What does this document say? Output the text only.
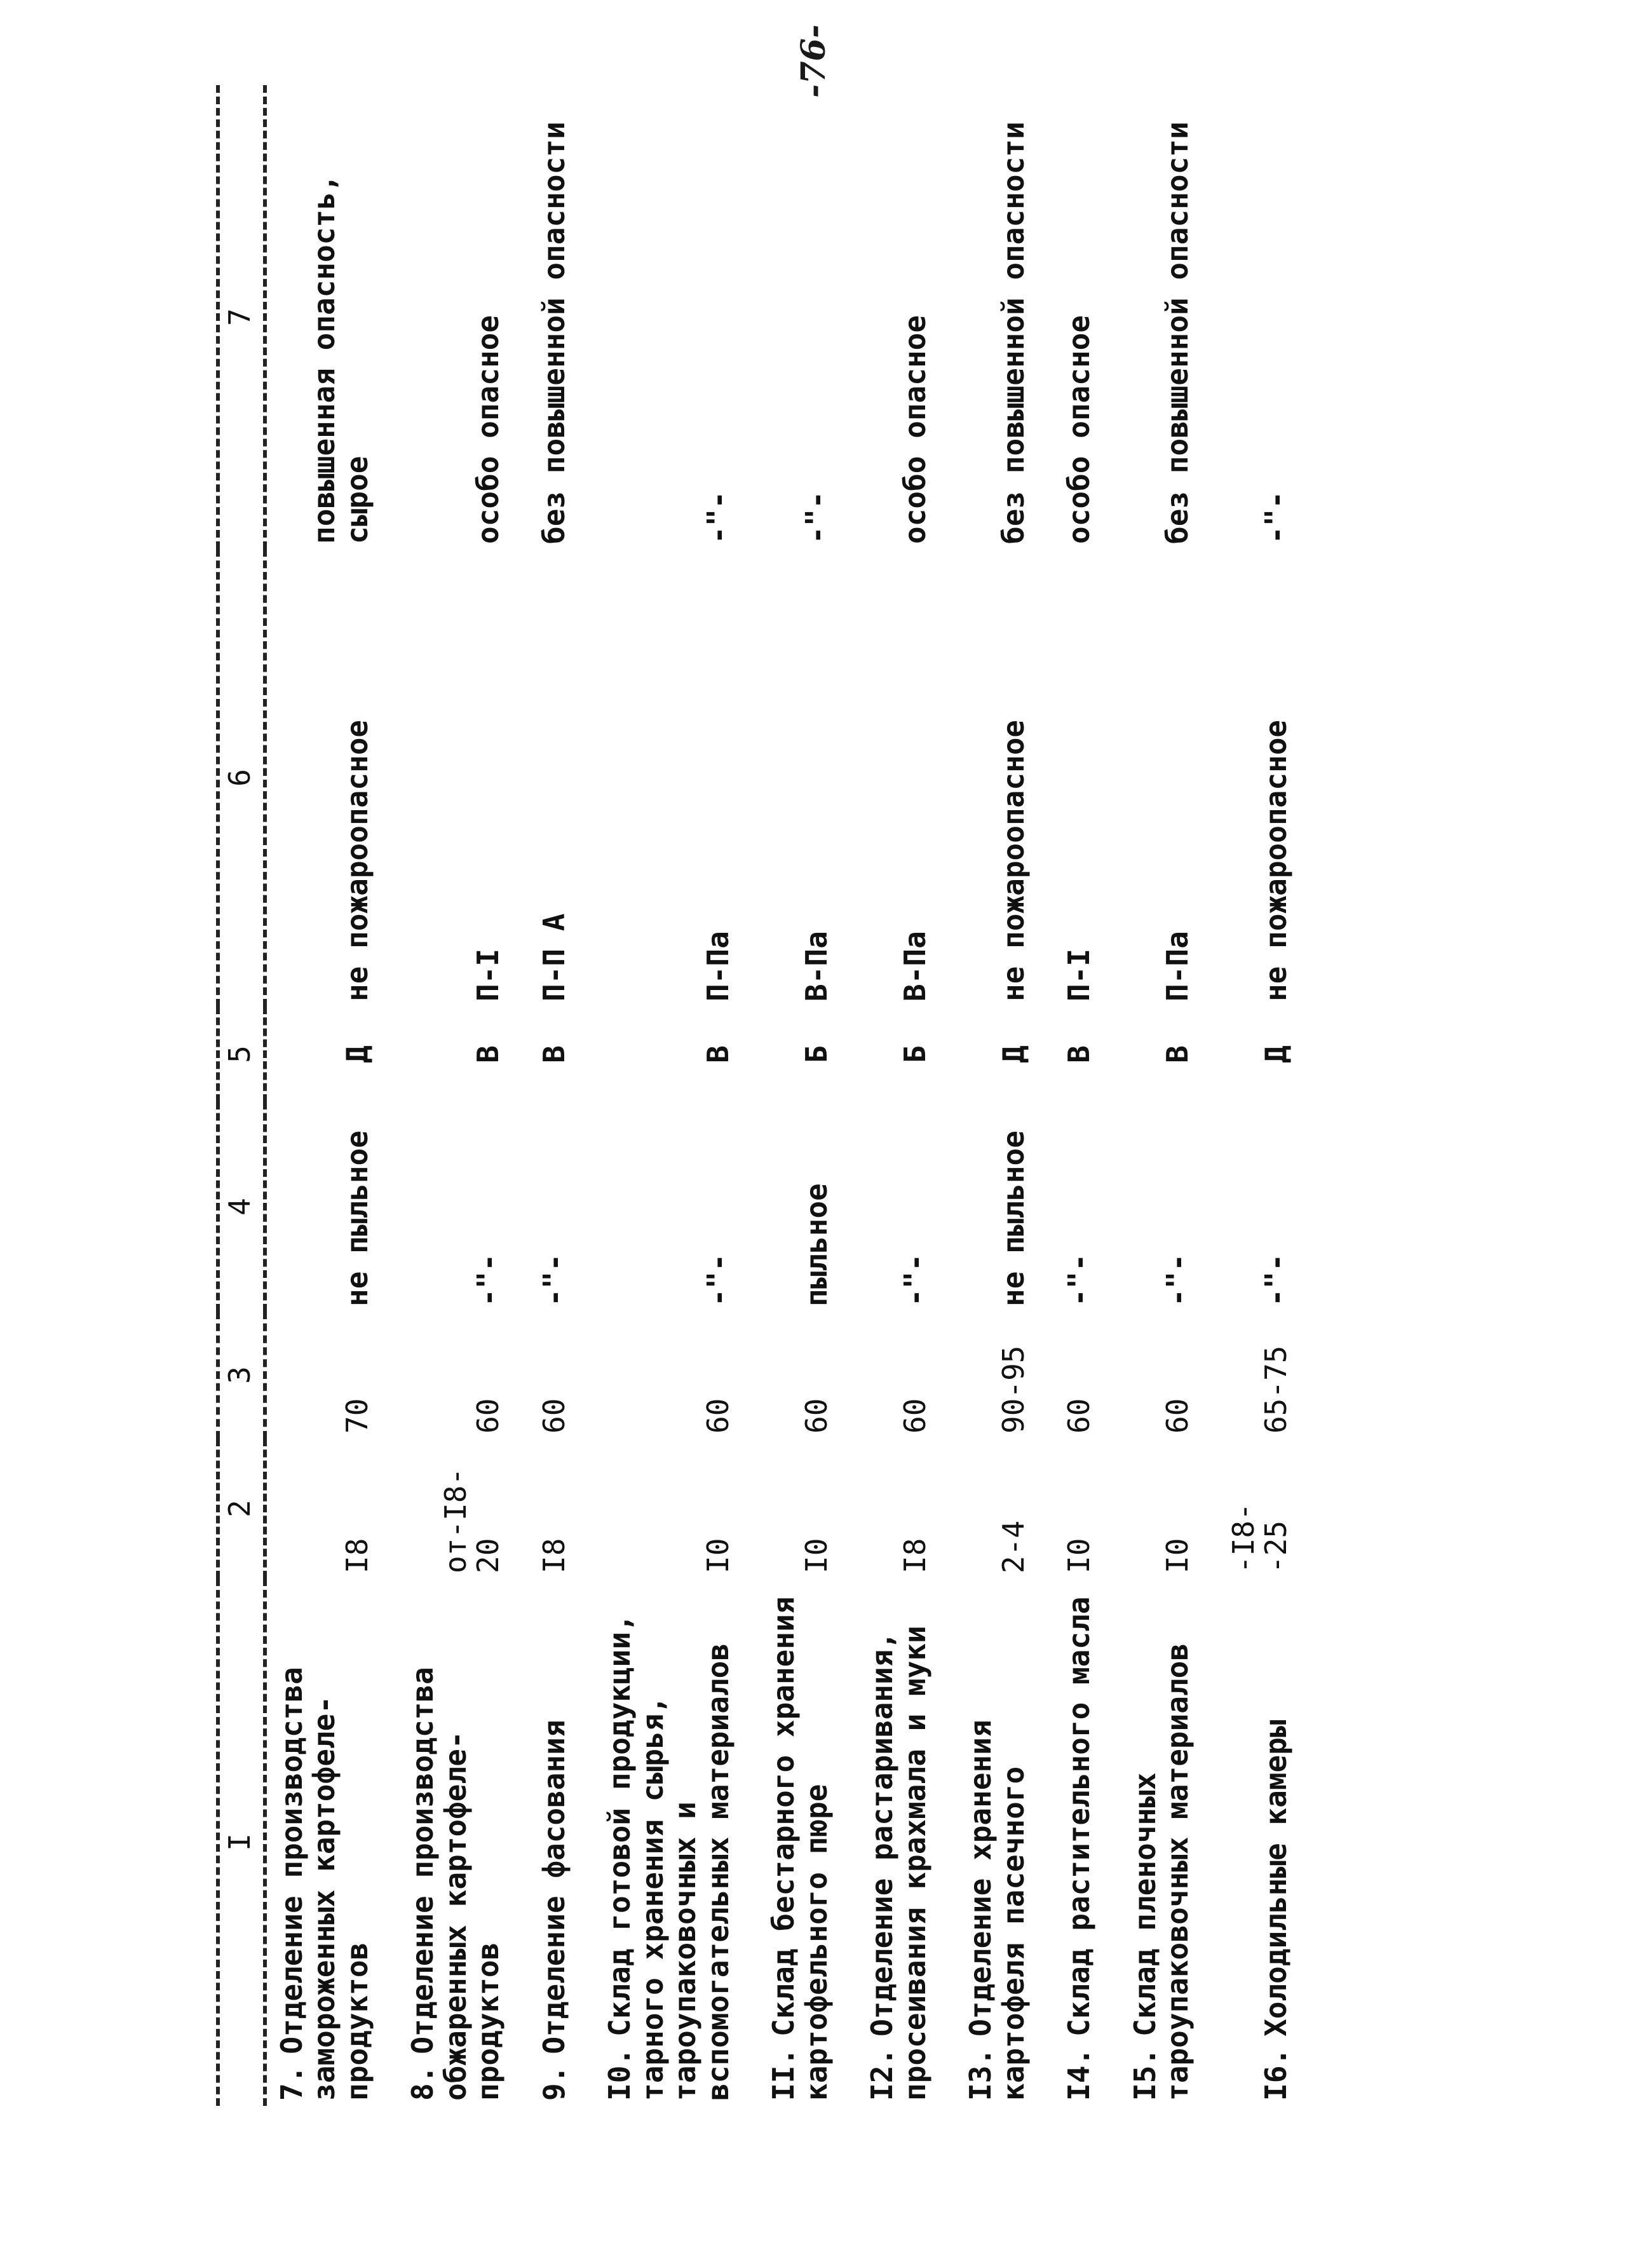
-76-
I	2	3	4	5	6	7
7.Отделение производства замороженных картофеле-продуктов	I8	70	не пыльное	Д	не пожароопасное	повышенная опасность, сырое
8.Отделение производства обжаренных картофеле-продуктов	от-I8-20	60	-"-	В	П-I	особо опасное
9.Отделение фасования	I8	60	-"-	В	П-П А	без повышенной опасности
I0.Склад готовой продукции, тарного хранения сырья, тароупаковочных и вспомогательных материалов	I0	60	-"-	В	П-Па	-"-
II.Склад бестарного хранения картофельного пюре	I0	60	пыльное	Б	В-Па	-"-
I2.Отделение растаривания, просеивания крахмала и муки	I8	60	-"-	Б	В-Па	особо опасное
I3.Отделение хранения картофеля пасечного	2-4	90-95	не пыльное	Д	не пожароопасное	без повышенной опасности
I4.Склад растительного масла	I0	60	-"-	В	П-I	особо опасное
I5.Склад пленочных тароупаковочных материалов	I0	60	-"-	В	П-Па	без повышенной опасности
I6.Холодильные камеры	-I8- -25	65-75	-"-	Д	не пожароопасное	-"-
